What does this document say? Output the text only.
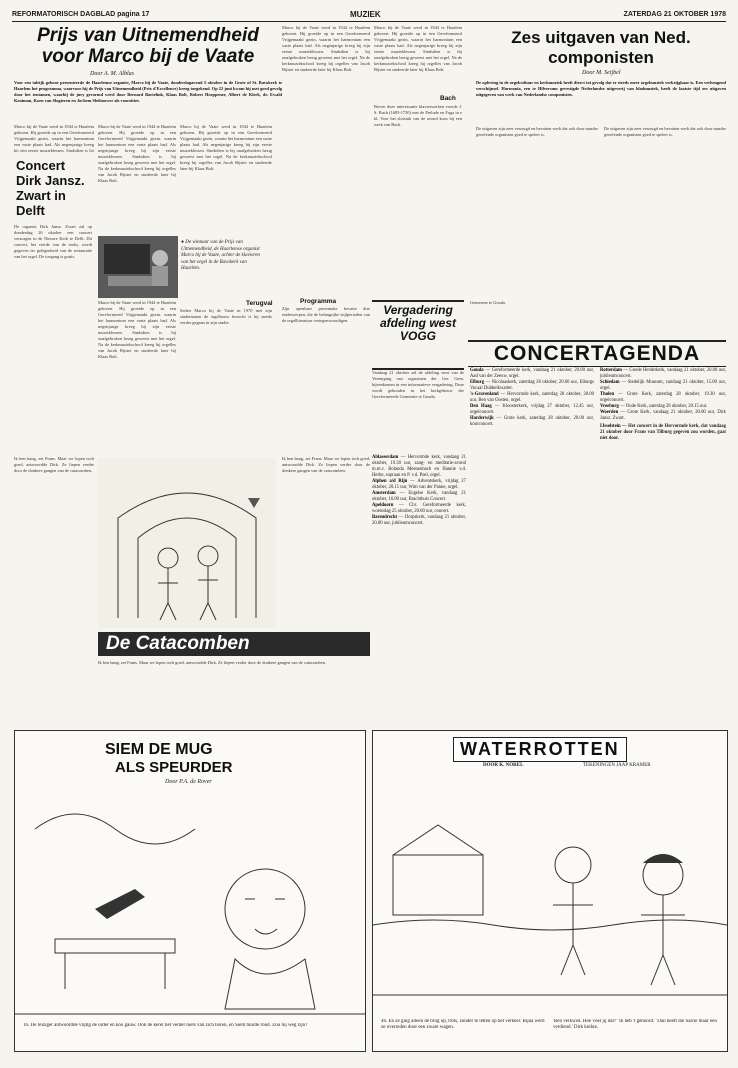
REFORMATORISCH DAGBLAD pagina 17	MUZIEK	ZATERDAG 21 OKTOBER 1978
Prijs van Uitnemendheid voor Marco bij de Vaate
Door A. M. Alblas
Voor een talrijk gehoor presenteerde de Haarlemse organist, Marco bij de Vaate, donderdagavond 5 oktober in de Grote of St. Bavokerk te Haarlem het programma, waarvoor hij de Prijs van Uitnemendheid (Prix d'Excellence) kreeg toegekend. Op 22 juni kwam hij met goed gevolg door het tentamen, waarbij de jury gevormd werd door Bernard Bartelink, Klaas Bolt, Robert Hoeppener, Albert de Klerk, dr. Ewald Kooiman, Koen van Slogteren en Jochem Sletboower als voorzitter.
Marco bij de Vaate werd in 1944 te Haarlem geboren. Hij groeide op in een Gereformeerd Vrijgemaakt gezin, waarin het harmonium een vaste plaats had. Als negenjarige kreeg hij zijn eerste muzieklessen. Sindsdien is hij
Marco bij de Vaate werd in 1944 te Haarlem geboren. Hij groeide op in een Gereformeerd Vrijgemaakt gezin, waarin het harmonium een vaste plaats had. Als negenjarige kreeg hij zijn eerste muzieklessen. Sindsdien is hij onafgebroken bezig geweest met het orgel. Na de kerkmuziekschool kreeg hij orgelles van Jacob Bijster en studeerde later bij Klaas Bolt.
Concert Dirk Jansz. Zwart in Delft
De organist Dirk Jansz. Zwart zal op donderdag 26 oktober een concert verzorgen in de Nieuwe Kerk te Delft. Dit concert, het vierde van de reeks, wordt gegeven ter gelegenheid van de restauratie van het orgel. De toegang is gratis.
● De winnaar van de Prijs van Uitnemendheid, de Haarlemse organist Marco bij de Vaate, achter de klavieren van het orgel in de Bavokerk van Haarlem.
Marco bij de Vaate werd in 1944 te Haarlem geboren. Hij groeide op in een Gereformeerd Vrijgemaakt gezin, waarin het harmonium een vaste plaats had. Als negenjarige kreeg hij zijn eerste muzieklessen. Sindsdien is hij onafgebroken bezig geweest met het orgel. Na de kerkmuziekschool kreeg hij orgelles van Jacob Bijster en studeerde later bij Klaas Bolt.
Terugval
Sedert Marco bij de Vaate in 1970 met zijn studiematen de orgelbouw bezocht is hij steeds verder gegaan in zijn studie.
Marco bij de Vaate werd in 1944 te Haarlem geboren. Hij groeide op in een Gereformeerd Vrijgemaakt gezin, waarin het harmonium een vaste plaats had. Als negenjarige kreeg hij zijn eerste muzieklessen. Sindsdien is hij onafgebroken bezig geweest met het orgel. Na de kerkmuziekschool kreeg hij orgelles van Jacob Bijster en studeerde later bij Klaas Bolt.
Marco bij de Vaate werd in 1944 te Haarlem geboren. Hij groeide op in een Gereformeerd Vrijgemaakt gezin, waarin het harmonium een vaste plaats had. Als negenjarige kreeg hij zijn eerste muzieklessen. Sindsdien is hij onafgebroken bezig geweest met het orgel. Na de kerkmuziekschool kreeg hij orgelles van Jacob Bijster en studeerde later bij Klaas Bolt.
Programma
Zijn openbare presentatie bevatte drie onderwerpen, die de belangrijke stijlperioden van de orgelliteratuur vertegenwoordigen.
Marco bij de Vaate werd in 1944 te Haarlem geboren. Hij groeide op in een Gereformeerd Vrijgemaakt gezin, waarin het harmonium een vaste plaats had. Als negenjarige kreeg hij zijn eerste muzieklessen. Sindsdien is hij onafgebroken bezig geweest met het orgel. Na de kerkmuziekschool kreeg hij orgelles van Jacob Bijster en studeerde later bij Klaas Bolt.
Bach
Boven deze interessante klavierwerken voerde J. S. Bach (1685-1750) met de Prelude en Fuga in e kl. Voor het slotstuk van de avond koos hij een werk van Bach.
Zes uitgaven van Ned. componisten
Door M. Seijbel
De opleving in de orgelcultuur en kerkmuziek heeft direct tot gevolg dat er steeds meer orgelmuziek verkrijgbaar is. Een verheugend verschijnsel. Harmonia, een te Hilversum gevestigde Nederlandse uitgeverij van bladmuziek, heeft de laatste tijd zes uitgaven uitgegeven van werk van Nederlandse componisten.
De uitgaven zijn zeer verzorgd en bevatten werk dat ook door minder geoefende organisten goed te spelen is.
De uitgaven zijn zeer verzorgd en bevatten werk dat ook door minder geoefende organisten goed te spelen is.
Vergadering afdeling west VOGG
Vandaag 21 oktober zal de afdeling west van de Vereniging van organisten der Ger. Gem. bijeenkomen in een informatieve vergadering. Deze wordt gehouden in het kerkgebouw der Gereformeerde Gemeente te Gouda.
Gemeente te Gouda.
CONCERTAGENDA
Ablasserdam — Hervormde kerk, vandaag 21 oktober, 19.30 uur, zang- en meditatie-avond m.m.v. Bolanda Meenenbach en Hannie v.d. Herbe, sopraan en P. v.d. Poel, orgel.
Alphen a/d Rijn — Adventskerk, vrijdag 27 oktober, 20.15 uur, Wim van der Panne, orgel.
Amsterdam — Engelse Kerk, vandaag 21 oktober, 16.00 uur, Brachthuis Concert.
Apeldoorn — Chr. Gereformeerde kerk, woensdag 25 oktober, 20.00 uur, concert.
Barendrecht — Dorpskerk, vandaag 21 oktober, 20.00 uur, jubileumconcert.
Gouda — Gereformeerde kerk, vandaag 21 oktober, 20.00 uur, Aad van der Zeeuw, orgel.
Elburg — Nicolaaskerk, zaterdag 28 oktober, 20.00 uur, Elburgs Vocaal Dubbelkwartet.
's-Gravenland — Hervormde kerk, zaterdag 28 oktober, 20.00 uur, Ben van Oosten, orgel.
Den Haag — Kloosterkerk, vrijdag 27 oktober, 12.45 uur, orgelconcert.
Harderwijk — Grote kerk, zaterdag 28 oktober, 20.00 uur, koorconcert.
Rotterdam — Goede Herderkerk, vandaag 21 oktober, 20.00 uur, jubileumconcert.
Schiedam — Stedelijk Museum, vandaag 21 oktober, 15.00 uur, orgel.
Tholen — Grote Kerk, zaterdag 28 oktober, 19.30 uur, orgelconcert.
Vreeburg — Oude Kerk, zaterdag 28 oktober, 20.15 uur.
Woerden — Grote Kerk, vandaag 21 oktober, 20.00 uur, Dirk Jansz. Zwart.
IJsselstein — Het concert in de Hervormde kerk, dat vandaag 21 oktober door Frans van Tilburg gegeven zou worden, gaat niet door.
Ik ben bang, zei Frans. Maar we lopen toch goed, antwoordde Dirk. Ze liepen verder door de donkere gangen van de catacomben.
Ik ben bang, zei Frans. Maar we lopen toch goed, antwoordde Dirk. Ze liepen verder door de donkere gangen van de catacomben.
De Catacomben
Ik ben bang, zei Frans. Maar we lopen toch goed, antwoordde Dirk. Ze liepen verder door de donkere gangen van de catacomben.
SIEM DE MUG
ALS SPEURDER
Door P.A. de Rover
16. De reiziger antwoordde vlijtig de order en koo gauw. Ook de kerel liet verder niets van zich horen, en Siem tuurde rond. Zou hij weg zijn?
WATERROTTEN
DOOR K. NOREL	TEKENINGEN JAAP KRAMER
46. En ze ging alleen de brug op, trots, zonder te letten op het verkeer. Bijna werd ze overreden door een zware wagen.
'Ben verkwist. Hoe voel jij dat?' 'Ik heb 't gehoord.' 'Dan heeft die Sarrie maar een verdiend.' Dirk knikte.
